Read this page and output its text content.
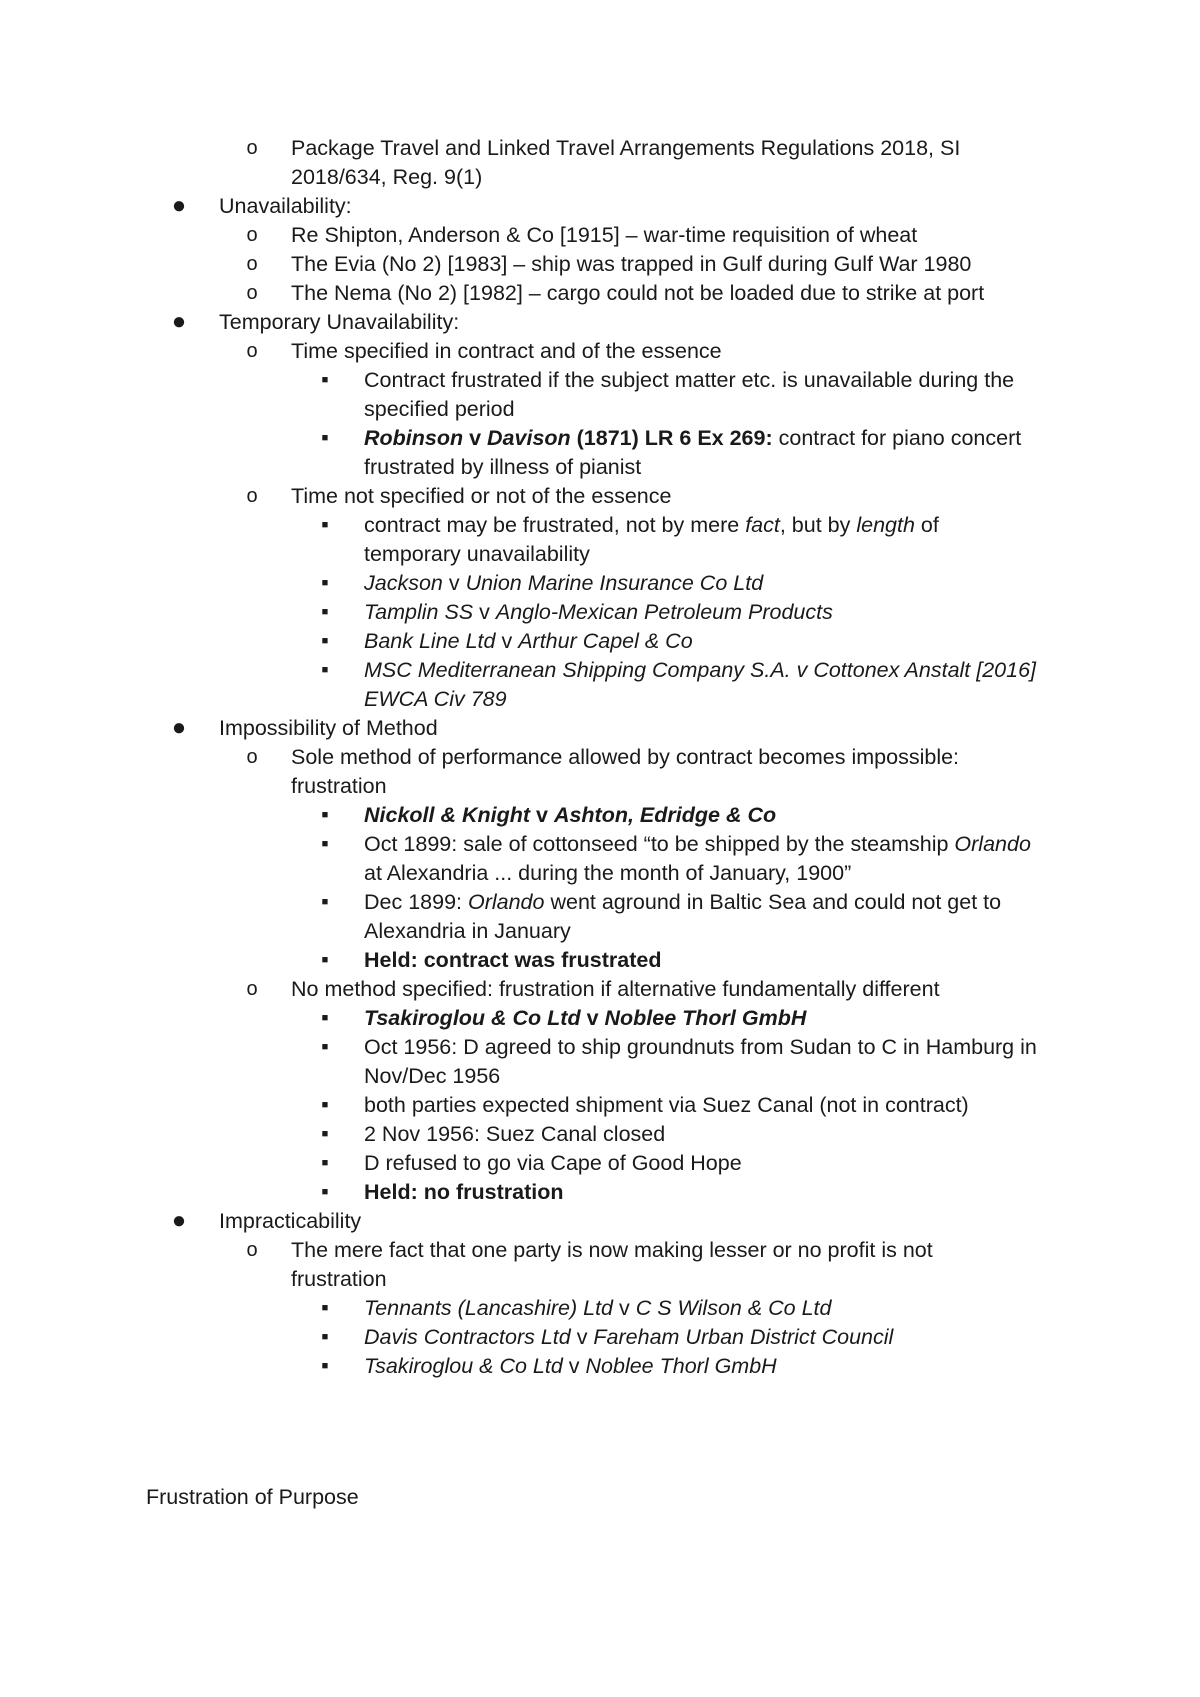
o Package Travel and Linked Travel Arrangements Regulations 2018, SI
2018/634, Reg. 9(1)
● Unavailability:
o Re Shipton, Anderson & Co [1915] – war-time requisition of wheat
o The Evia (No 2) [1983] – ship was trapped in Gulf during Gulf War 1980
o The Nema (No 2) [1982] – cargo could not be loaded due to strike at port
● Temporary Unavailability:
o Time specified in contract and of the essence
■	Contract frustrated if the subject matter etc. is unavailable during the
specified period
■	Robinson v Davison (1871) LR 6 Ex 269: contract for piano concert
frustrated by illness of pianist
o Time not specified or not of the essence
■	contract may be frustrated, not by mere fact, but by length of
temporary unavailability
■	Jackson v Union Marine Insurance Co Ltd
■	Tamplin SS v Anglo-Mexican Petroleum Products
■	Bank Line Ltd v Arthur Capel & Co
■	MSC Mediterranean Shipping Company S.A. v Cottonex Anstalt [2016]
EWCA Civ 789
● Impossibility of Method
o Sole method of performance allowed by contract becomes impossible:
frustration
■	Nickoll & Knight v Ashton, Edridge & Co
■	Oct 1899: sale of cottonseed “to be shipped by the steamship Orlando
at Alexandria ... during the month of January, 1900”
■	Dec 1899: Orlando went aground in Baltic Sea and could not get to
Alexandria in January
■	Held: contract was frustrated
o No method specified: frustration if alternative fundamentally different
■	Tsakiroglou & Co Ltd v Noblee Thorl GmbH
■	Oct 1956: D agreed to ship groundnuts from Sudan to C in Hamburg in
Nov/Dec 1956
■	both parties expected shipment via Suez Canal (not in contract)
■	2 Nov 1956: Suez Canal closed
■	D refused to go via Cape of Good Hope
■	Held: no frustration
● Impracticability
o The mere fact that one party is now making lesser or no profit is not
frustration
■	Tennants (Lancashire) Ltd v C S Wilson & Co Ltd
■	Davis Contractors Ltd v Fareham Urban District Council
■	Tsakiroglou & Co Ltd v Noblee Thorl GmbH
Frustration of Purpose
